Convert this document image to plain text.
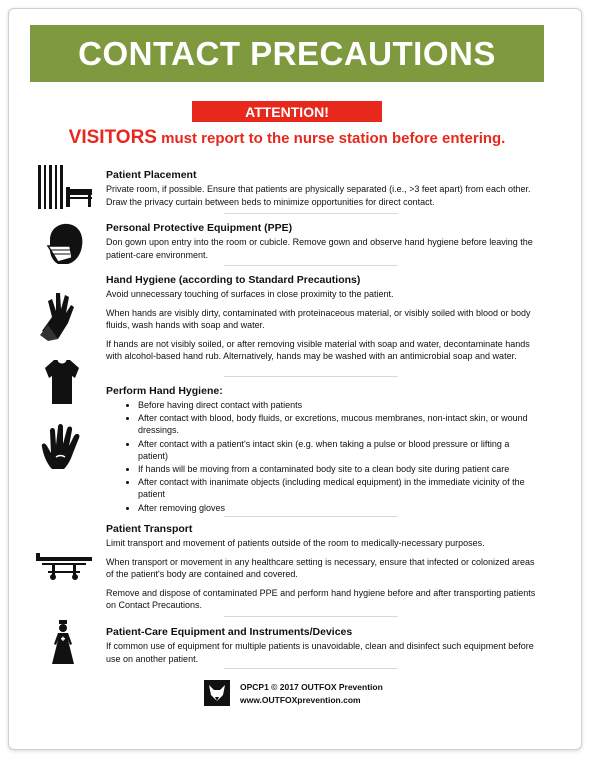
CONTACT PRECAUTIONS
ATTENTION!
VISITORS must report to the nurse station before entering.
Patient Placement

Private room, if possible. Ensure that patients are physically separated (i.e., >3 feet apart) from each other. Draw the privacy curtain between beds to minimize opportunities for direct contact.

Personal Protective Equipment (PPE)

Don gown upon entry into the room or cubicle. Remove gown and observe hand hygiene before leaving the patient-care environment.

Hand Hygiene (according to Standard Precautions)

Avoid unnecessary touching of surfaces in close proximity to the patient.

When hands are visibly dirty, contaminated with proteinaceous material, or visibly soiled with blood or body fluids, wash hands with soap and water.

If hands are not visibly soiled, or after removing visible material with soap and water, decontaminate hands with alcohol-based hand rub. Alternatively, hands may be washed with an antimicrobial soap and water.

Perform Hand Hygiene:
• Before having direct contact with patients
• After contact with blood, body fluids, or excretions, mucous membranes, non-intact skin, or wound dressings.
• After contact with a patient's intact skin (e.g. when taking a pulse or blood pressure or lifting a patient)
• If hands will be moving from a contaminated body site to a clean body site during patient care
• After contact with inanimate objects (including medical equipment) in the immediate vicinity of the patient
• After removing gloves
Patient Transport

Limit transport and movement of patients outside of the room to medically-necessary purposes.

When transport or movement in any healthcare setting is necessary, ensure that infected or colonized areas of the patient's body are contained and covered.

Remove and dispose of contaminated PPE and perform hand hygiene before and after transporting patients on Contact Precautions.

Patient-Care Equipment and Instruments/Devices

If common use of equipment for multiple patients is unavoidable, clean and disinfect such equipment before use on another patient.

OPCP1 © 2017 OUTFOX Prevention
www.OUTFOXprevention.com
